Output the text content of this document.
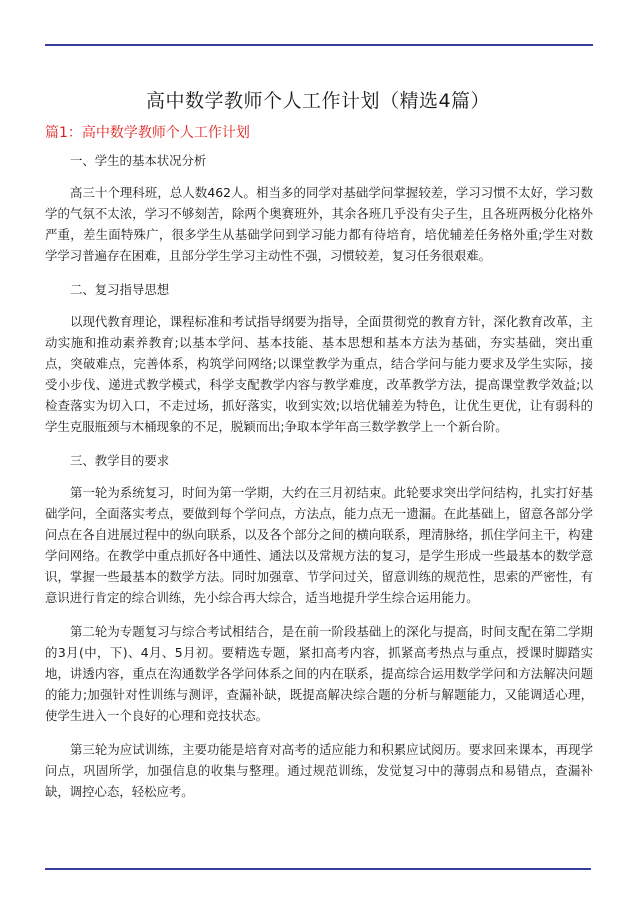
高中数学教师个人工作计划（精选4篇）
篇1：高中数学教师个人工作计划

一、学生的基本状况分析

高三十个理科班，总人数462人。相当多的同学对基础学问掌握较差，学习习惯不太好，学习数学的气氛不太浓，学习不够刻苦，除两个奥赛班外，其余各班几乎没有尖子生，且各班两极分化格外严重，差生面特殊广，很多学生从基础学问到学习能力都有待培育，培优辅差任务格外重;学生对数学学习普遍存在困难，且部分学生学习主动性不强，习惯较差，复习任务很艰难。

二、复习指导思想

以现代教育理论，课程标准和考试指导纲要为指导，全面贯彻党的教育方针，深化教育改革，主动实施和推动素养教育;以基本学问、基本技能、基本思想和基本方法为基础，夯实基础，突出重点，突破难点，完善体系，构筑学问网络;以课堂教学为重点，结合学问与能力要求及学生实际，接受小步伐、递进式教学模式，科学支配教学内容与教学难度，改革教学方法，提高课堂教学效益;以检查落实为切入口，不走过场，抓好落实，收到实效;以培优辅差为特色，让优生更优，让有弱科的学生克服瓶颈与木桶现象的不足，脱颖而出;争取本学年高三数学教学上一个新台阶。

三、教学目的要求

第一轮为系统复习，时间为第一学期，大约在三月初结束。此轮要求突出学问结构，扎实打好基础学问，全面落实考点，要做到每个学问点，方法点，能力点无一遗漏。在此基础上，留意各部分学问点在各自进展过程中的纵向联系，以及各个部分之间的横向联系，理清脉络，抓住学问主干，构建学问网络。在教学中重点抓好各中通性、通法以及常规方法的复习，是学生形成一些最基本的数学意识，掌握一些最基本的数学方法。同时加强章、节学问过关，留意训练的规范性，思索的严密性，有意识进行肯定的综合训练，先小综合再大综合，适当地提升学生综合运用能力。

第二轮为专题复习与综合考试相结合，是在前一阶段基础上的深化与提高，时间支配在第二学期的3月(中，下)、4月、5月初。要精选专题，紧扣高考内容，抓紧高考热点与重点，授课时脚踏实地，讲透内容，重点在沟通数学各学问体系之间的内在联系，提高综合运用数学学问和方法解决问题的能力;加强针对性训练与测评，查漏补缺，既提高解决综合题的分析与解题能力，又能调适心理，使学生进入一个良好的心理和竞技状态。

第三轮为应试训练，主要功能是培育对高考的适应能力和积累应试阅历。要求回来课本，再现学问点，巩固所学，加强信息的收集与整理。通过规范训练，发觉复习中的薄弱点和易错点，查漏补缺，调控心态，轻松应考。
